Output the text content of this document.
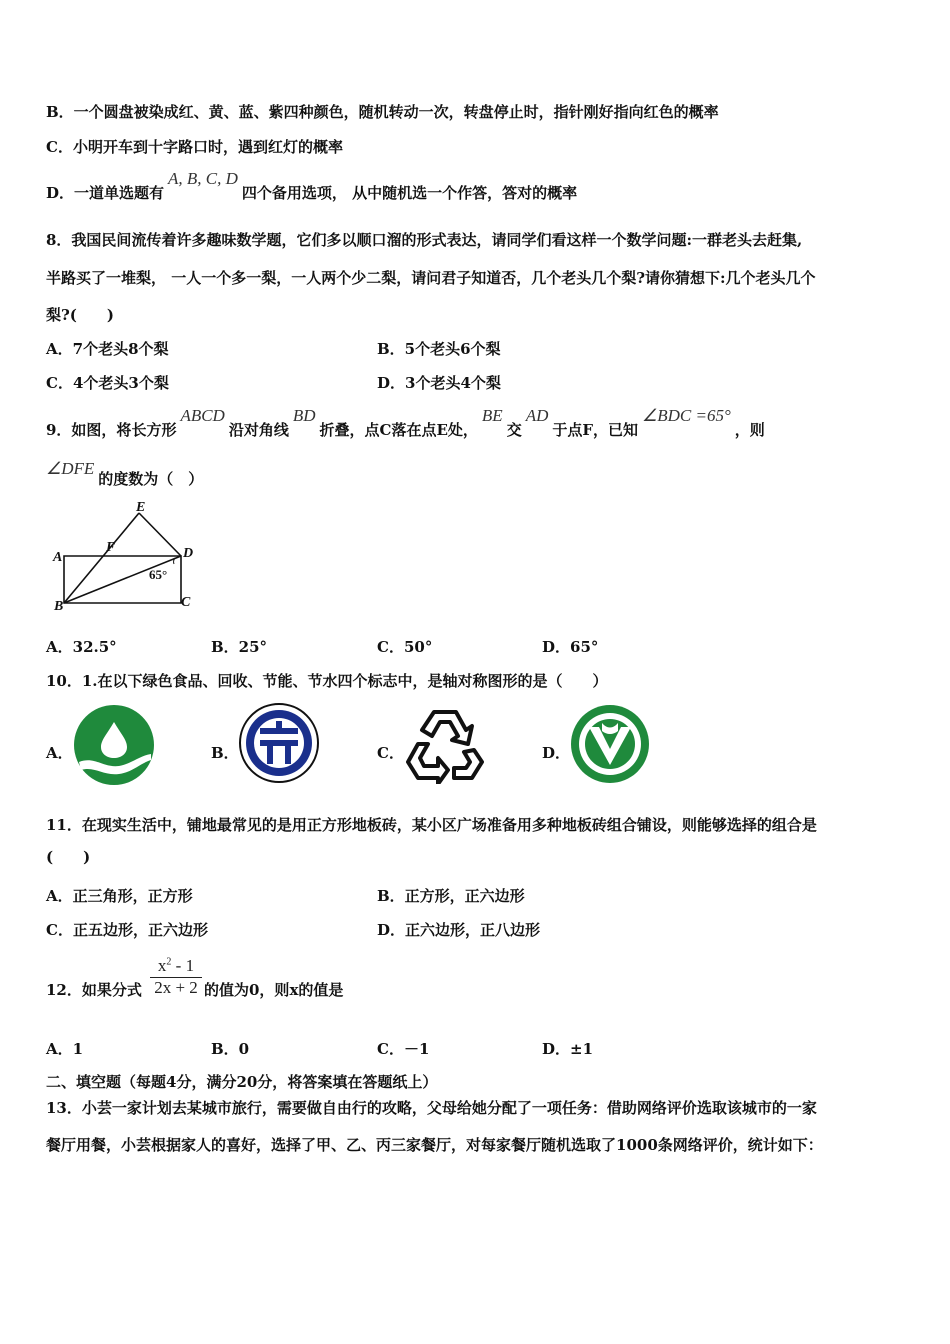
B．一个圆盘被染成红、黄、蓝、紫四种颜色，随机转动一次，转盘停止时，指针刚好指向红色的概率
C．小明开车到十字路口时，遇到红灯的概率
D．一道单选题有A, B, C, D四个备用选项， 从中随机选一个作答，答对的概率
8．我国民间流传着许多趣味数学题，它们多以顺口溜的形式表达，请同学们看这样一个数学问题:一群老头去赶集,
半路买了一堆梨， 一人一个多一梨，一人两个少二梨，请问君子知道否，几个老头几个梨?请你猜想下:几个老头几个
梨?(　　)
A．7个老头8个梨	B．5个老头6个梨
C．4个老头3个梨	D．3个老头4个梨
9．如图，将长方形ABCD沿对角线BD折叠，点C落在点E处，BE交AD于点F，已知∠BDC =65°，则
∠DFE的度数为（　）
E
F
A	D
B	C
65°
A．32.5°	B．25°	C．50°	D．65°
10．1.在以下绿色食品、回收、节能、节水四个标志中，是轴对称图形的是（　　）
A．	B．	C．	D．
11．在现实生活中，铺地最常见的是用正方形地板砖，某小区广场准备用多种地板砖组合铺设，则能够选择的组合是
(　　)
A．正三角形，正方形	B．正方形，正六边形
C．正五边形，正六边形	D．正六边形，正八边形
12．如果分式 $\frac{x^2 - 1}{2x + 2}$ 的值为0，则x的值是
A．1	B．0	C．－1	D．±1
二、填空题（每题4分，满分20分，将答案填在答题纸上）
13．小芸一家计划去某城市旅行，需要做自由行的攻略，父母给她分配了一项任务：借助网络评价选取该城市的一家
餐厅用餐，小芸根据家人的喜好，选择了甲、乙、丙三家餐厅，对每家餐厅随机选取了1000条网络评价，统计如下：
